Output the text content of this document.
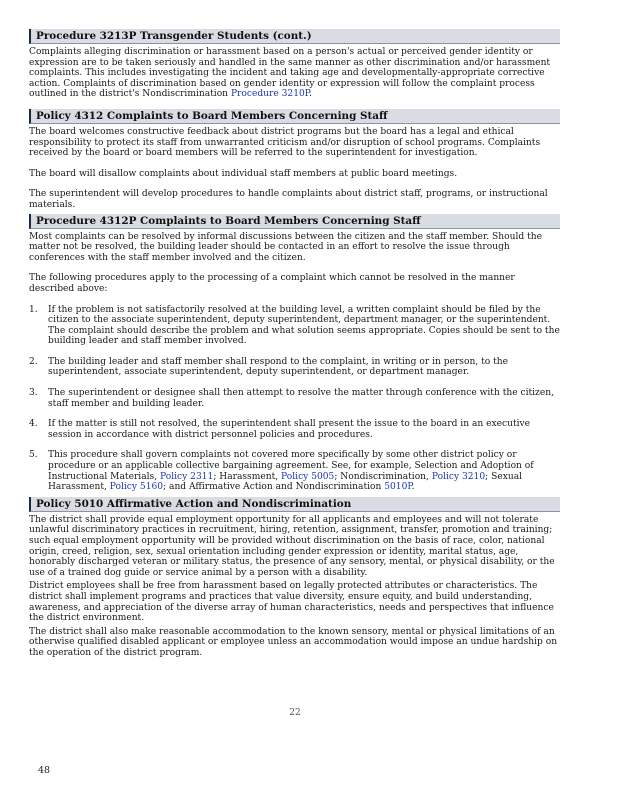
Procedure 3213P Transgender Students (cont.)

Complaints alleging discrimination or harassment based on a person's actual or perceived gender identity or expression are to be taken seriously and handled in the same manner as other discrimination and/or harassment complaints. This includes investigating the incident and taking age and developmentally-appropriate corrective action. Complaints of discrimination based on gender identity or expression will follow the complaint process outlined in the district's Nondiscrimination Procedure 3210P.

Policy 4312 Complaints to Board Members Concerning Staff

The board welcomes constructive feedback about district programs but the board has a legal and ethical responsibility to protect its staff from unwarranted criticism and/or disruption of school programs. Complaints received by the board or board members will be referred to the superintendent for investigation.

The board will disallow complaints about individual staff members at public board meetings.

The superintendent will develop procedures to handle complaints about district staff, programs, or instructional materials.

Procedure 4312P Complaints to Board Members Concerning Staff

Most complaints can be resolved by informal discussions between the citizen and the staff member. Should the matter not be resolved, the building leader should be contacted in an effort to resolve the issue through conferences with the staff member involved and the citizen.

The following procedures apply to the processing of a complaint which cannot be resolved in the manner described above:

1.	If the problem is not satisfactorily resolved at the building level, a written complaint should be filed by the citizen to the associate superintendent, deputy superintendent, department manager, or the superintendent. The complaint should describe the problem and what solution seems appropriate. Copies should be sent to the building leader and staff member involved.
2.	The building leader and staff member shall respond to the complaint, in writing or in person, to the superintendent, associate superintendent, deputy superintendent, or department manager.
3.	The superintendent or designee shall then attempt to resolve the matter through conference with the citizen, staff member and building leader.
4.	If the matter is still not resolved, the superintendent shall present the issue to the board in an executive session in accordance with district personnel policies and procedures.
5.	This procedure shall govern complaints not covered more specifically by some other district policy or procedure or an applicable collective bargaining agreement. See, for example, Selection and Adoption of Instructional Materials, Policy 2311; Harassment, Policy 5005; Nondiscrimination, Policy 3210; Sexual Harassment, Policy 5160; and Affirmative Action and Nondiscrimination 5010P.
Policy 5010 Affirmative Action and Nondiscrimination

The district shall provide equal employment opportunity for all applicants and employees and will not tolerate unlawful discriminatory practices in recruitment, hiring, retention, assignment, transfer, promotion and training; such equal employment opportunity will be provided without discrimination on the basis of race, color, national origin, creed, religion, sex, sexual orientation including gender expression or identity, marital status, age, honorably discharged veteran or military status, the presence of any sensory, mental, or physical disability, or the use of a trained dog guide or service animal by a person with a disability.

District employees shall be free from harassment based on legally protected attributes or characteristics. The district shall implement programs and practices that value diversity, ensure equity, and build understanding, awareness, and appreciation of the diverse array of human characteristics, needs and perspectives that influence the district environment.

The district shall also make reasonable accommodation to the known sensory, mental or physical limitations of an otherwise qualified disabled applicant or employee unless an accommodation would impose an undue hardship on the operation of the district program.

22
48
